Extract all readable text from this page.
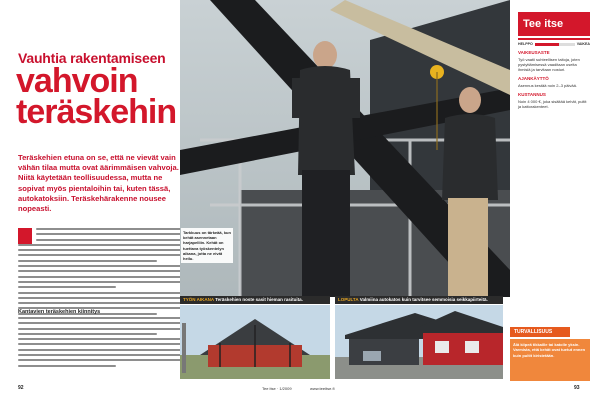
Vauhtia rakentamiseen
vahvoin teräskehin
Teräskehien etuna on se, että ne vievät vain vähän tilaa mutta ovat äärimmäisen vahvoja. Niitä käytetään teollisuudessa, mutta ne sopivat myös pientaloihin tai, kuten tässä, autokatoksiin. Teräskehärakenne nousee nopeasti.
Kantavien teräskehien kiinnitys
Tarkkuus on tärkeää, kun kehät asennetaan harjapelliin. Kehät on tuettava työskentelyn aikana, jotta ne eivät heilu.
TYÖN AIKANA Teräskehien noste sasit hieman rasituita.	LOPULTA Valmiina autokatos kuin tarvitsee semmoisia seikkapiirteitä.
Tee itse
HELPPO	VAIKEA
VAIKEUSASTE
Työ vaatii suhteellisen taitoja, joten pystyttämisessä vaaditaan useita ihmisiä ja tarvitaan nosturi.
AJANKÄYTTÖ
Asennus kestää noin 2–3 päivää.
KUSTANNUS
Noin 4 000 €, joka sisältää kehät, pultit ja kattorakenteet.
TURVALLISUUS
Älä kiipeä tikkaille tai katolle yksin. Varmista, että kehät ovat tuetut ennen kuin pultit kiristetään.
92	Tee itse · 1/2009	www.teeitse.fi	93
